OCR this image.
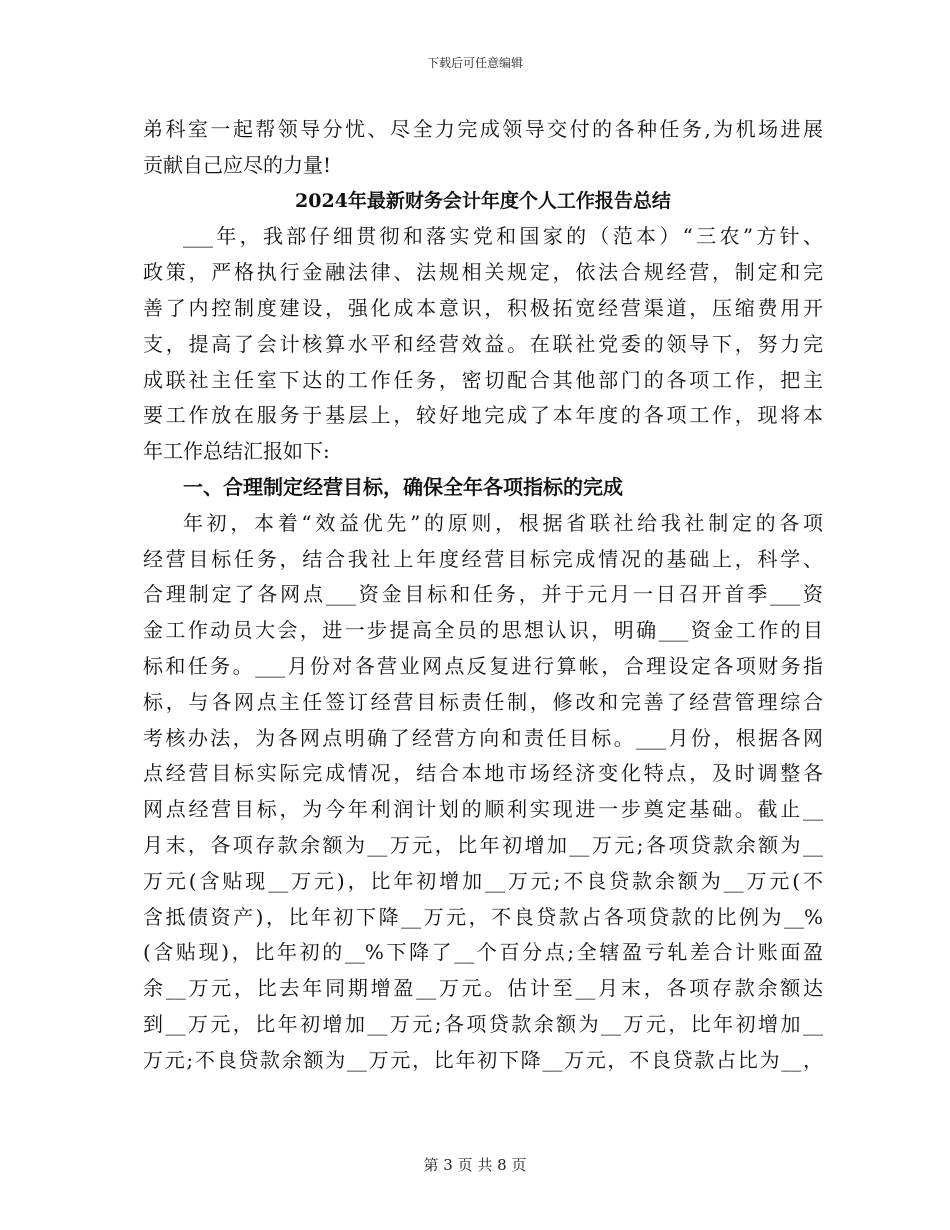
下载后可任意编辑
弟科室一起帮领导分忧、尽全力完成领导交付的各种任务,为机场进展
贡献自己应尽的力量!
2024年最新财务会计年度个人工作报告总结
___年，我部仔细贯彻和落实党和国家的（范本）“三农”方针、
政策，严格执行金融法律、法规相关规定，依法合规经营，制定和完
善了内控制度建设，强化成本意识，积极拓宽经营渠道，压缩费用开
支，提高了会计核算水平和经营效益。在联社党委的领导下，努力完
成联社主任室下达的工作任务，密切配合其他部门的各项工作，把主
要工作放在服务于基层上，较好地完成了本年度的各项工作，现将本
年工作总结汇报如下:
一、合理制定经营目标，确保全年各项指标的完成
年初，本着“效益优先”的原则，根据省联社给我社制定的各项
经营目标任务，结合我社上年度经营目标完成情况的基础上，科学、
合理制定了各网点___资金目标和任务，并于元月一日召开首季___资
金工作动员大会，进一步提高全员的思想认识，明确___资金工作的目
标和任务。___月份对各营业网点反复进行算帐，合理设定各项财务指
标，与各网点主任签订经营目标责任制，修改和完善了经营管理综合
考核办法，为各网点明确了经营方向和责任目标。___月份，根据各网
点经营目标实际完成情况，结合本地市场经济变化特点，及时调整各
网点经营目标，为今年利润计划的顺利实现进一步奠定基础。截止__
月末，各项存款余额为__万元，比年初增加__万元;各项贷款余额为__
万元(含贴现__万元)，比年初增加__万元;不良贷款余额为__万元(不
含抵债资产)，比年初下降__万元，不良贷款占各项贷款的比例为__%
(含贴现)，比年初的__%下降了__个百分点;全辖盈亏轧差合计账面盈
余__万元，比去年同期增盈__万元。估计至__月末，各项存款余额达
到__万元，比年初增加__万元;各项贷款余额为__万元，比年初增加__
万元;不良贷款余额为__万元，比年初下降__万元，不良贷款占比为__，
第 3 页 共 8 页
